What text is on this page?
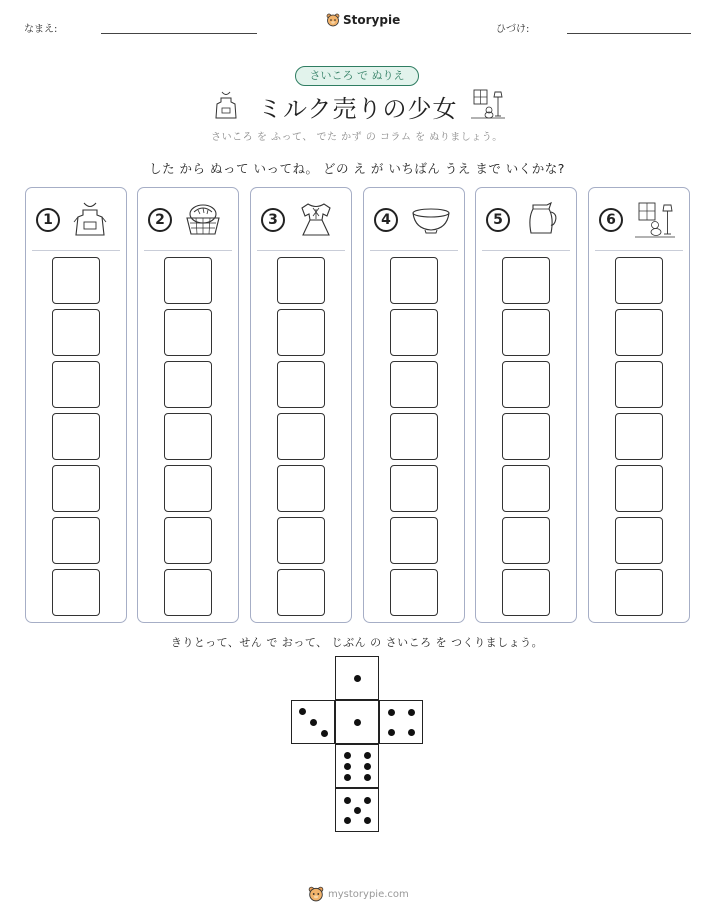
なまえ:
Storypie
ひづけ:
さいころ で ぬりえ
ミルク売りの少女
さいころ を ふって、 でた かず の コラム を ぬりましょう。
した から ぬって いってね。 どの え が いちばん うえ まで いくかな?
1	2	3	4	5	6
きりとって、せん で おって、 じぶん の さいころ を つくりましょう。
mystorypie.com
